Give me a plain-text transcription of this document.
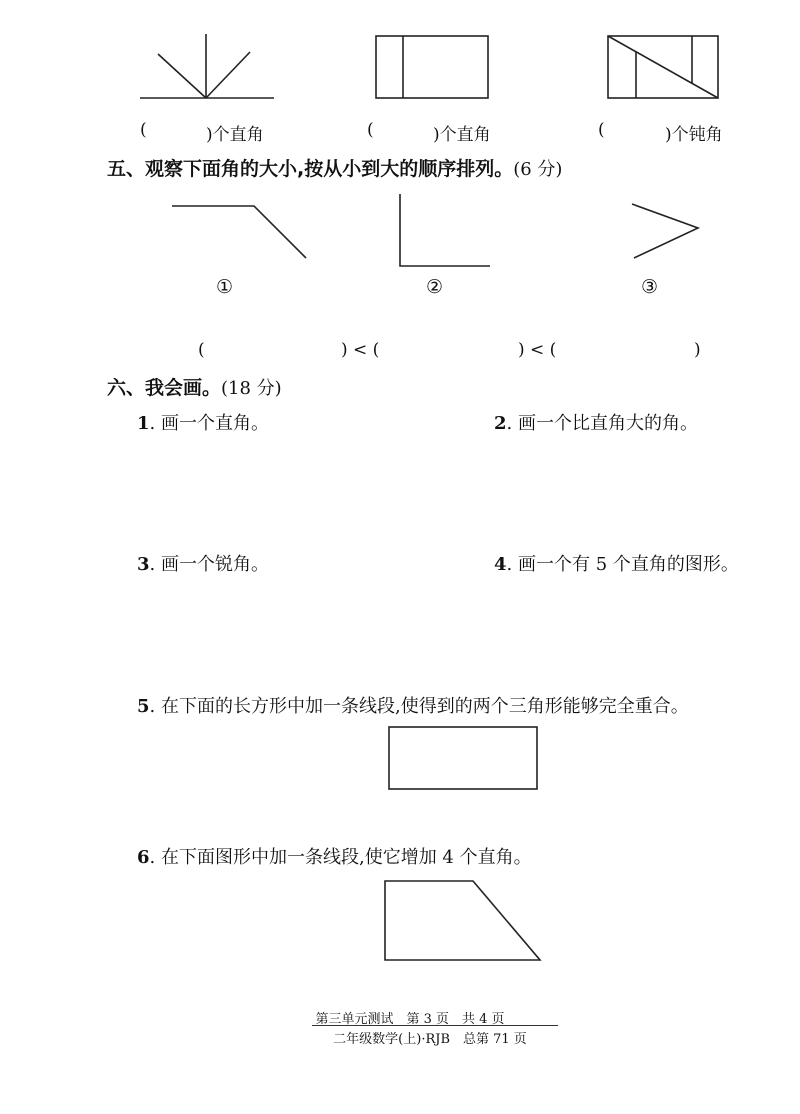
(	)个直角	(	)个直角	(	)个钝角
五、观察下面角的大小,按从小到大的顺序排列。(6 分)
①	②	③
(	) < (	) < (	)
六、我会画。(18 分)
1. 画一个直角。	2. 画一个比直角大的角。
3. 画一个锐角。	4. 画一个有 5 个直角的图形。
5. 在下面的长方形中加一条线段,使得到的两个三角形能够完全重合。
6. 在下面图形中加一条线段,使它增加 4 个直角。
第三单元测试　第 3 页　共 4 页
二年级数学(上)·RJB　总第 71 页
